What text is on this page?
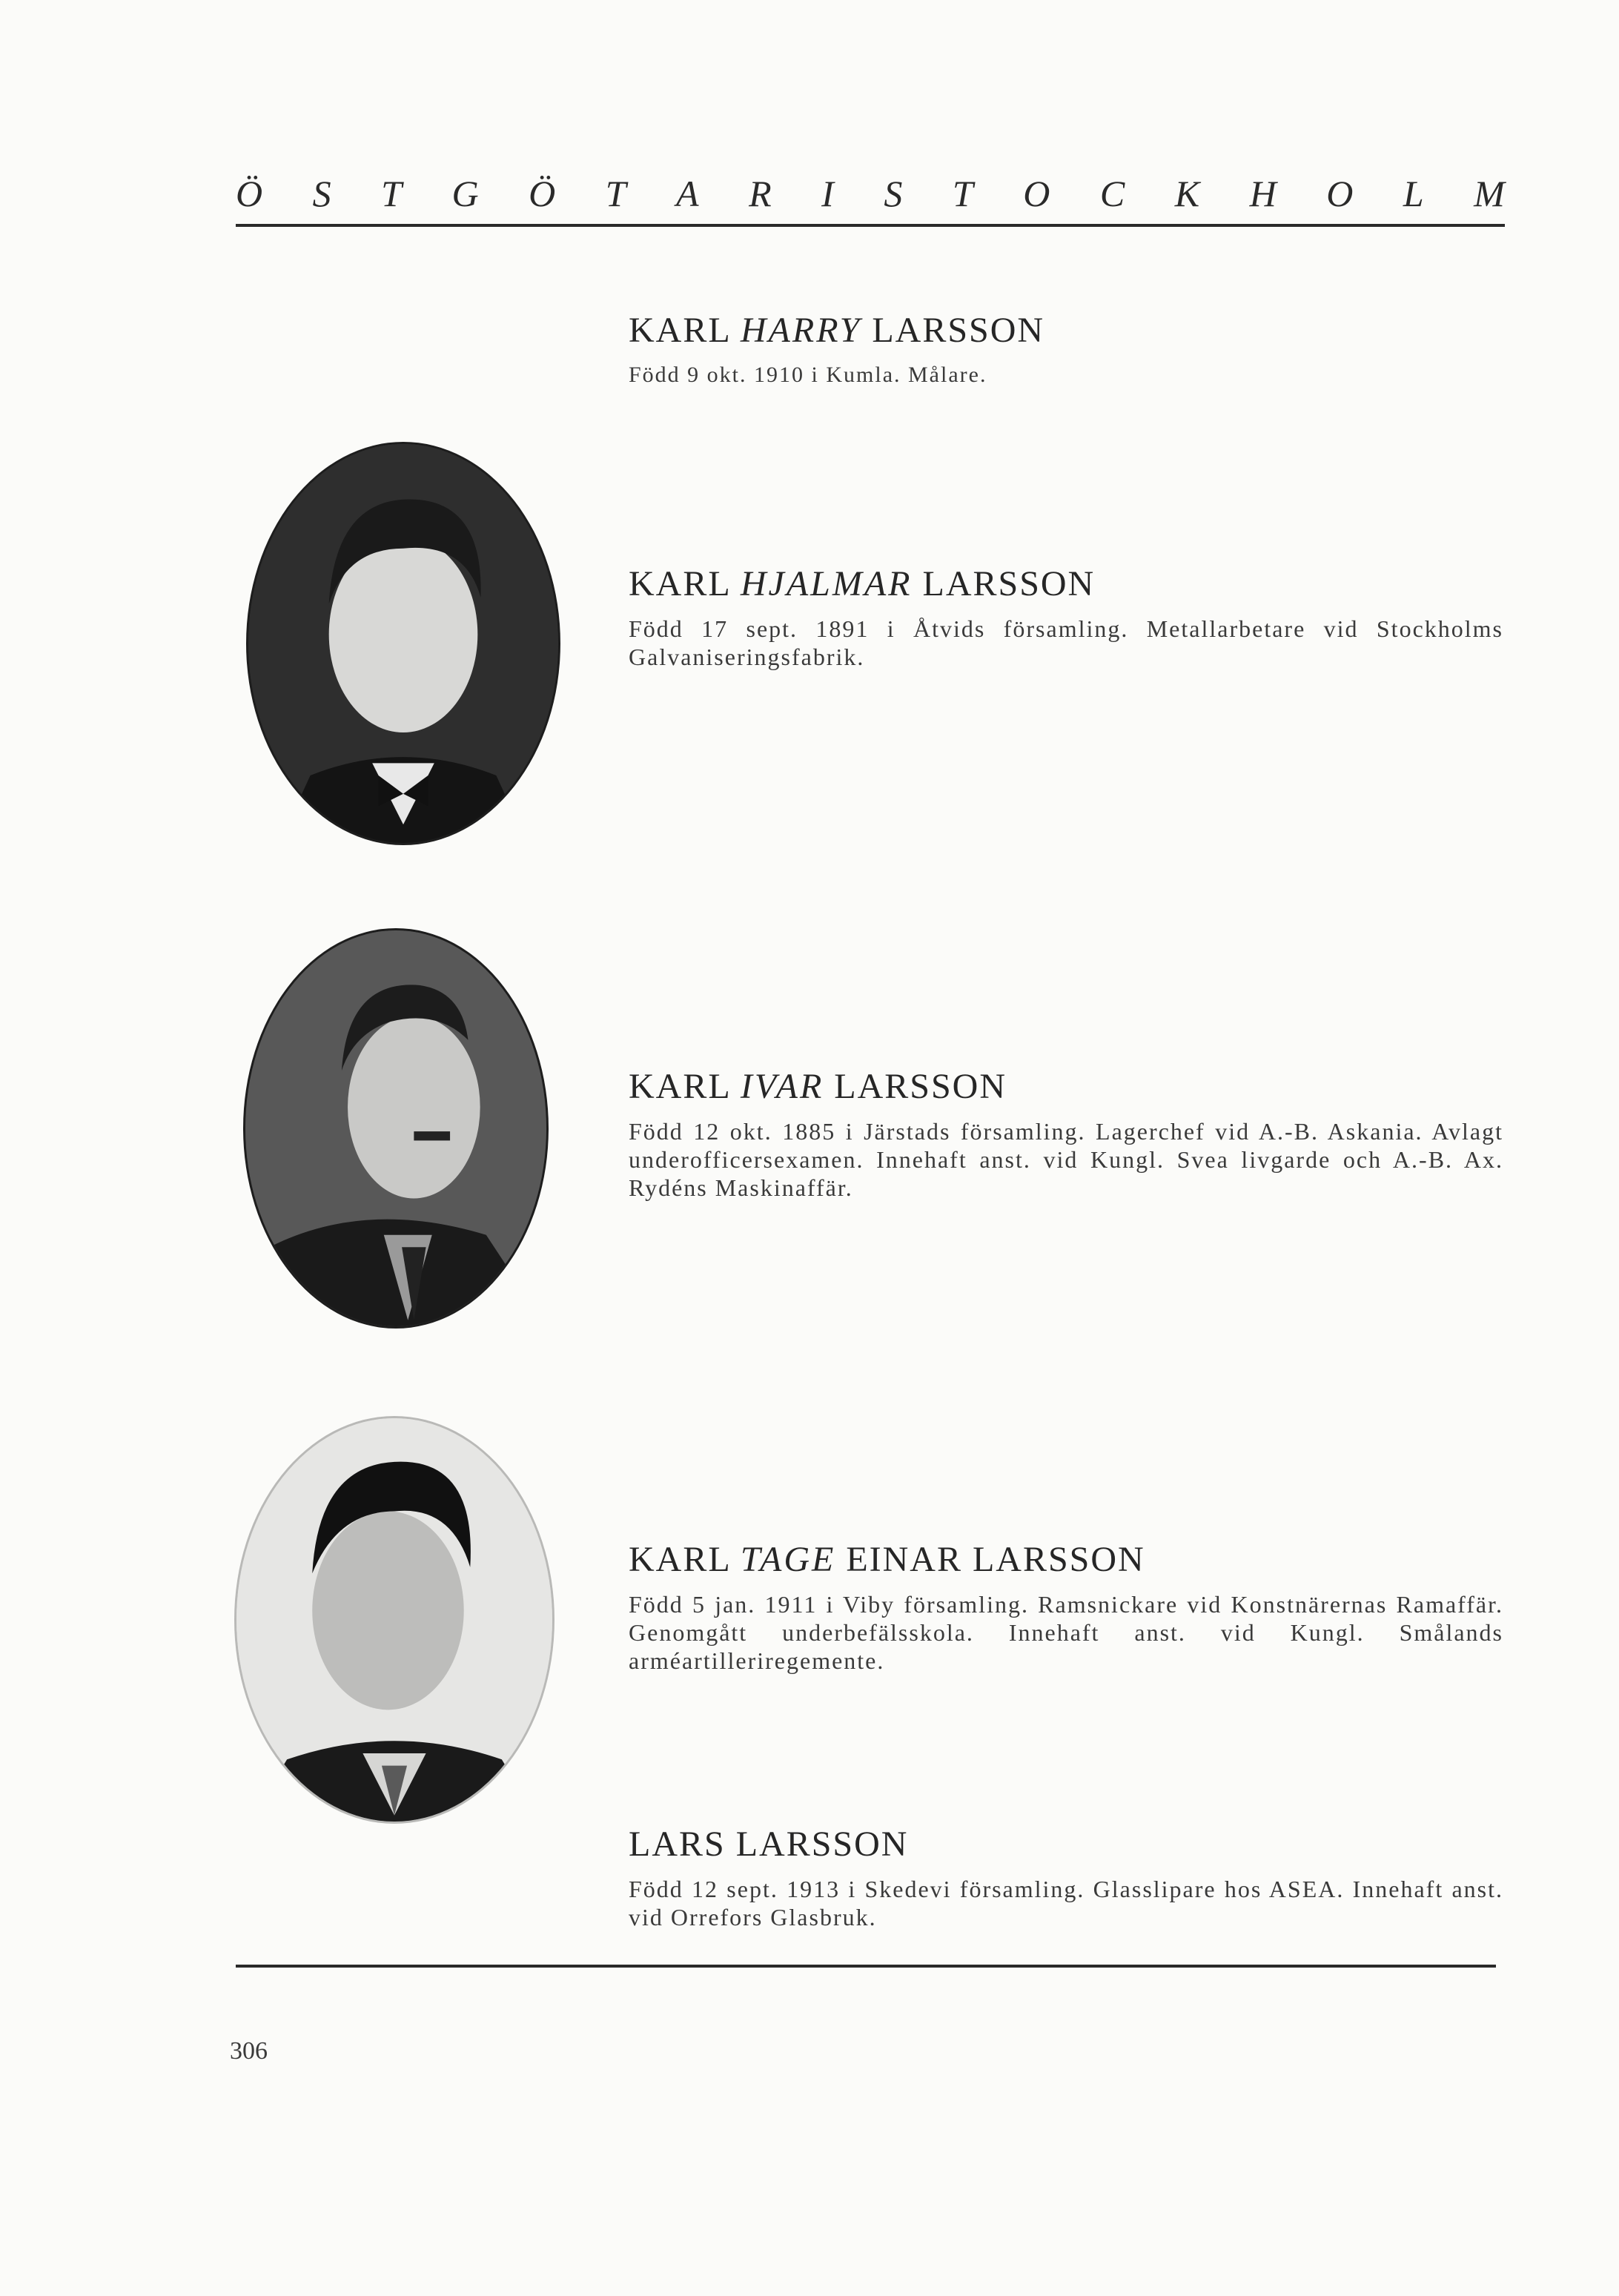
Ö S T G Ö T A R I S T O C K H O L M
KARL HARRY LARSSON
Född 9 okt. 1910 i Kumla. Målare.
KARL HJALMAR LARSSON
Född 17 sept. 1891 i Åtvids församling. Metallarbetare vid Stockholms Galvaniseringsfabrik.
KARL IVAR LARSSON
Född 12 okt. 1885 i Järstads församling. Lagerchef vid A.-B. Askania. Avlagt underofficersexamen. Innehaft anst. vid Kungl. Svea livgarde och A.-B. Ax. Rydéns Maskinaffär.
KARL TAGE EINAR LARSSON
Född 5 jan. 1911 i Viby församling. Ramsnickare vid Konstnärernas Ramaffär. Genomgått underbefälsskola. Innehaft anst. vid Kungl. Smålands arméartilleriregemente.
LARS LARSSON
Född 12 sept. 1913 i Skedevi församling. Glasslipare hos ASEA. Innehaft anst. vid Orrefors Glasbruk.
306
